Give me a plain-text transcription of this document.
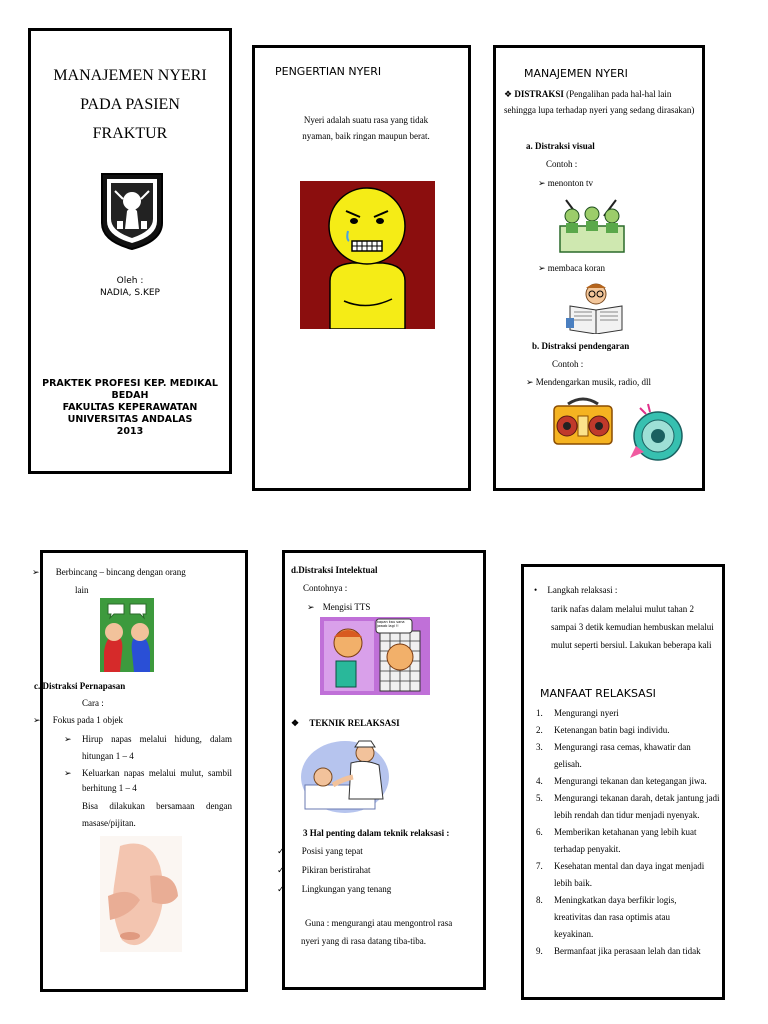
MANAJEMEN NYERI
PADA PASIEN
FRAKTUR
Oleh :
NADIA, S.KEP
PRAKTEK PROFESI KEP. MEDIKAL BEDAH
FAKULTAS KEPERAWATAN
UNIVERSITAS ANDALAS
2013
PENGERTIAN NYERI
Nyeri adalah suatu rasa yang tidak nyaman, baik ringan maupun berat.
MANAJEMEN NYERI
❖ DISTRAKSI (Pengalihan pada hal-hal lain sehingga lupa terhadap nyeri yang sedang dirasakan)
a. Distraksi visual
Contoh :
➢ menonton tv
➢ membaca koran
b. Distraksi pendengaran
Contoh :
➢ Mendengarkan musik, radio, dll
➢ Berbincang – bincang dengan orang
lain
c. Distraksi Pernapasan
Cara :
➢ Fokus pada 1 objek
➢	Hirup napas melalui hidung, dalam hitungan 1 – 4
➢	Keluarkan napas melalui mulut, sambil berhitung 1 – 4
Bisa dilakukan bersamaan dengan masase/pijitan.
d.Distraksi Intelektual
Contohnya :
➢ Mengisi TTS
kapan kau sana jawab lagi !!
❖ TEKNIK RELAKSASI
3 Hal penting dalam teknik relaksasi :
✓ Posisi yang tepat
✓ Pikiran beristirahat
✓ Lingkungan yang tenang
Guna : mengurangi atau mengontrol rasa nyeri yang di rasa datang tiba-tiba.
• Langkah relaksasi :
tarik nafas dalam melalui mulut tahan 2 sampai 3 detik kemudian hembuskan melalui mulut seperti bersiul. Lakukan beberapa kali
MANFAAT RELAKSASI
1.	Mengurangi nyeri
2.	Ketenangan batin bagi individu.
3.	Mengurangi rasa cemas, khawatir dan gelisah.
4.	Mengurangi tekanan dan ketegangan jiwa.
5.	Mengurangi tekanan darah, detak jantung jadi lebih rendah dan tidur menjadi nyenyak.
6.	Memberikan ketahanan yang lebih kuat terhadap penyakit.
7.	Kesehatan mental dan daya ingat menjadi lebih baik.
8.	Meningkatkan daya berfikir logis, kreativitas dan rasa optimis atau keyakinan.
9.	Bermanfaat jika perasaan lelah dan tidak
